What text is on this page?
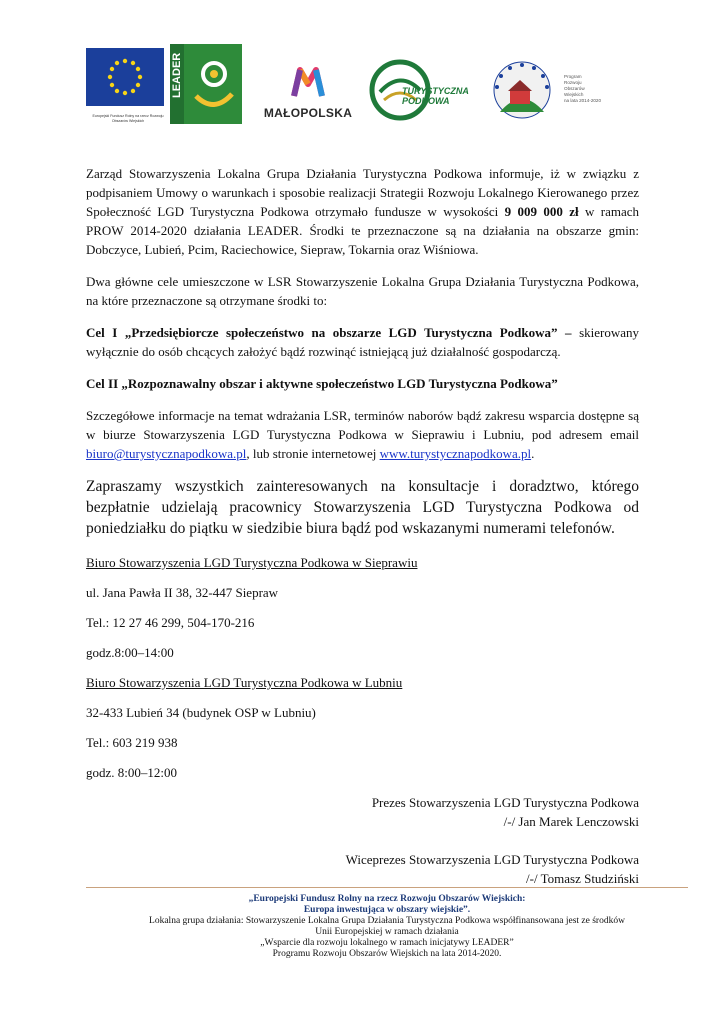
Europejski Fundusz Rolny na rzecz Rozwoju Obszarów Wiejskich
LEADER
MAŁOPOLSKA
TURYSTYCZNA
PODKOWA
Program
Rozwoju
Obszarów
Wiejskich
na lata 2014-2020

Zarząd Stowarzyszenia Lokalna Grupa Działania Turystyczna Podkowa informuje, iż w związku z podpisaniem Umowy o warunkach i sposobie realizacji Strategii Rozwoju Lokalnego Kierowanego przez Społeczność LGD Turystyczna Podkowa otrzymało fundusze w wysokości 9 009 000 zł w ramach PROW 2014-2020 działania LEADER. Środki te przeznaczone są na działania na obszarze gmin: Dobczyce, Lubień, Pcim, Raciechowice, Siepraw, Tokarnia oraz Wiśniowa.

Dwa główne cele umieszczone w LSR Stowarzyszenie Lokalna Grupa Działania Turystyczna Podkowa, na które przeznaczone są otrzymane środki to:

Cel I „Przedsiębiorcze społeczeństwo na obszarze LGD Turystyczna Podkowa” – skierowany wyłącznie do osób chcących założyć bądź rozwinąć istniejącą już działalność gospodarczą.

Cel II „Rozpoznawalny obszar i aktywne społeczeństwo LGD Turystyczna Podkowa”

Szczegółowe informacje na temat wdrażania LSR, terminów naborów bądź zakresu wsparcia dostępne są w biurze Stowarzyszenia LGD Turystyczna Podkowa w Sieprawiu i Lubniu, pod adresem email biuro@turystycznapodkowa.pl, lub stronie internetowej www.turystycznapodkowa.pl.

Zapraszamy wszystkich zainteresowanych na konsultacje i doradztwo, którego bezpłatnie udzielają pracownicy Stowarzyszenia LGD Turystyczna Podkowa od poniedziałku do piątku w siedzibie biura bądź pod wskazanymi numerami telefonów.

Biuro Stowarzyszenia LGD Turystyczna Podkowa w Sieprawiu

ul. Jana Pawła II 38, 32-447 Siepraw

Tel.: 12 27 46 299, 504-170-216

godz.8:00–14:00

Biuro Stowarzyszenia LGD Turystyczna Podkowa w Lubniu

32-433 Lubień 34 (budynek OSP w Lubniu)

Tel.: 603 219 938

godz. 8:00–12:00

Prezes Stowarzyszenia LGD Turystyczna Podkowa

/-/ Jan Marek Lenczowski

Wiceprezes Stowarzyszenia LGD Turystyczna Podkowa

/-/ Tomasz Studziński

„Europejski Fundusz Rolny na rzecz Rozwoju Obszarów Wiejskich:
Europa inwestująca w obszary wiejskie”.
Lokalna grupa działania: Stowarzyszenie Lokalna Grupa Działania Turystyczna Podkowa współfinansowana jest ze środków
Unii Europejskiej w ramach działania
„Wsparcie dla rozwoju lokalnego w ramach inicjatywy LEADER”
Programu Rozwoju Obszarów Wiejskich na lata 2014-2020.
